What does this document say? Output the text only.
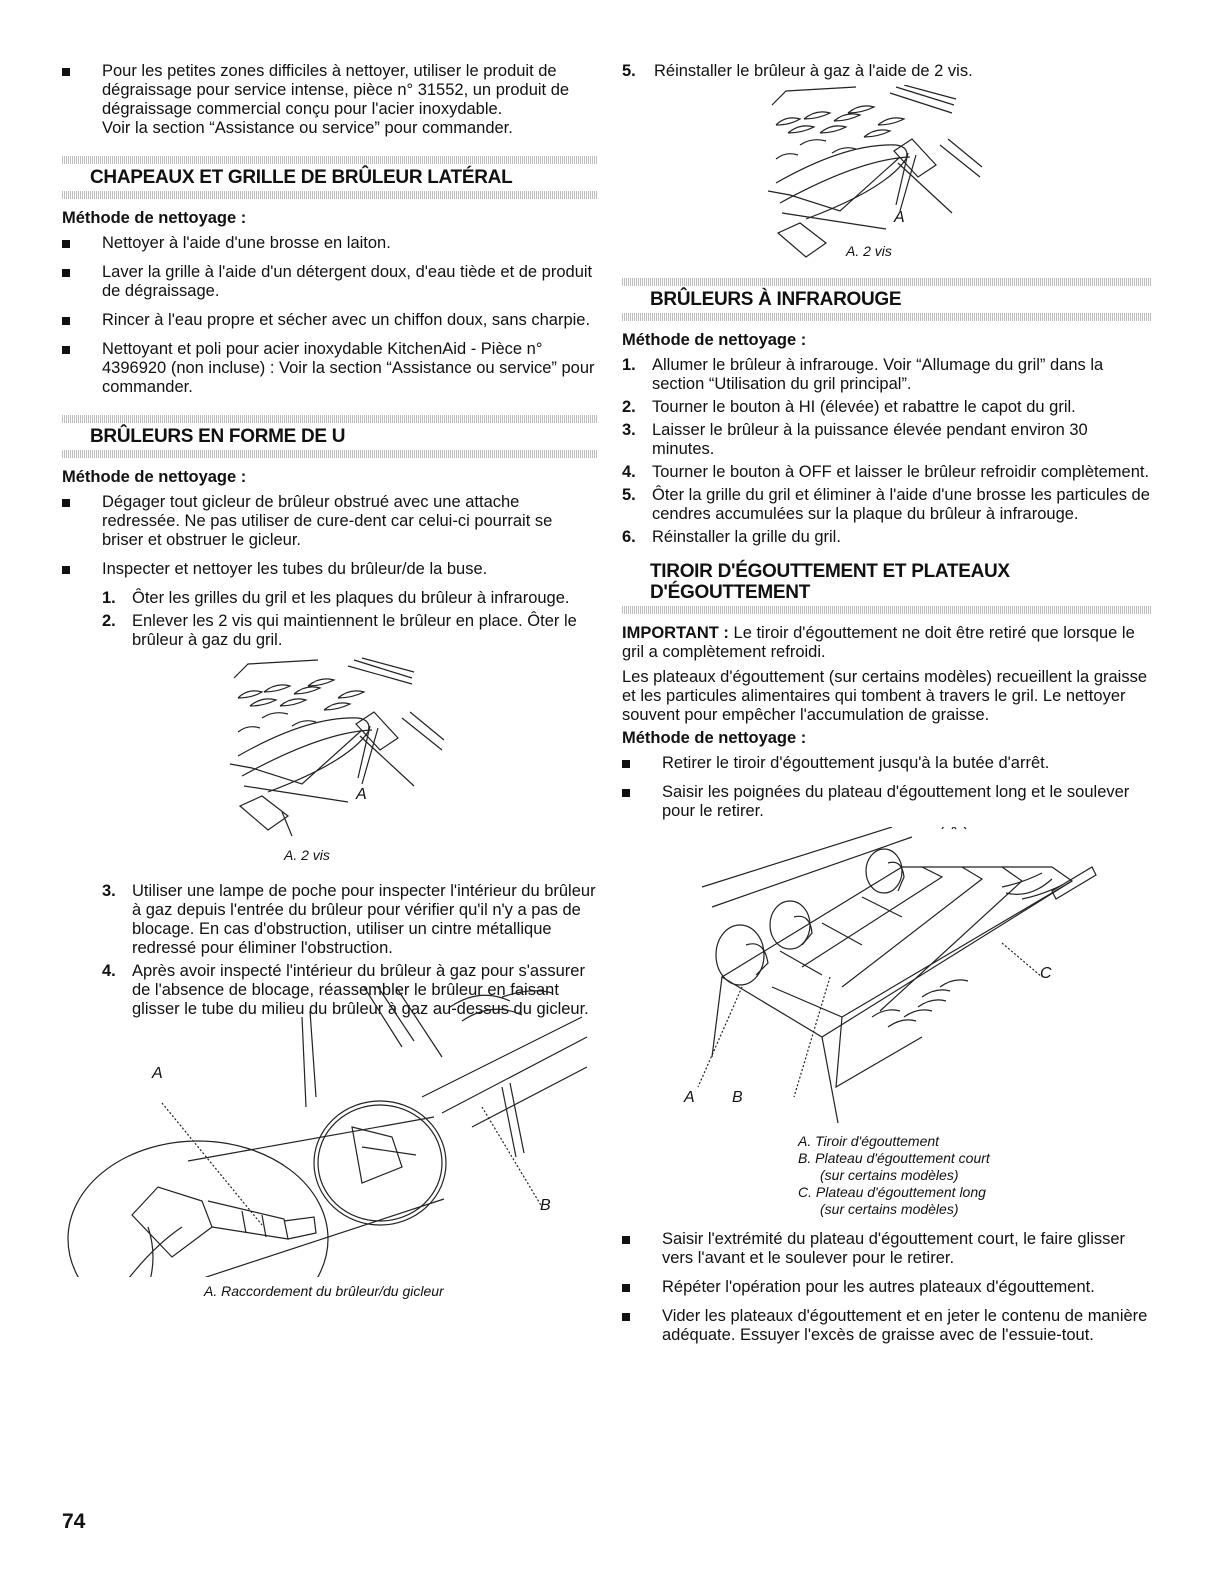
Pour les petites zones difficiles à nettoyer, utiliser le produit de dégraissage pour service intense, pièce n° 31552, un produit de dégraissage commercial conçu pour l'acier inoxydable.

Voir la section “Assistance ou service” pour commander.

CHAPEAUX ET GRILLE DE BRÛLEUR LATÉRAL

Méthode de nettoyage :

Nettoyer à l'aide d'une brosse en laiton.
Laver la grille à l'aide d'un détergent doux, d'eau tiède et de produit de dégraissage.
Rincer à l'eau propre et sécher avec un chiffon doux, sans charpie.
Nettoyant et poli pour acier inoxydable KitchenAid - Pièce n° 4396920 (non incluse) : Voir la section “Assistance ou service” pour commander.
BRÛLEURS EN FORME DE U

Méthode de nettoyage :

Dégager tout gicleur de brûleur obstrué avec une attache redressée. Ne pas utiliser de cure-dent car celui-ci pourrait se briser et obstruer le gicleur.
Inspecter et nettoyer les tubes du brûleur/de la buse.
1. Ôter les grilles du gril et les plaques du brûleur à infrarouge.
2. Enlever les 2 vis qui maintiennent le brûleur en place. Ôter le brûleur à gaz du gril.
A

A. 2 vis

3. Utiliser une lampe de poche pour inspecter l'intérieur du brûleur à gaz depuis l'entrée du brûleur pour vérifier qu'il n'y a pas de blocage. En cas d'obstruction, utiliser un cintre métallique redressé pour éliminer l'obstruction.
4. Après avoir inspecté l'intérieur du brûleur à gaz pour s'assurer de l'absence de blocage, réassembler le brûleur en faisant glisser le tube du milieu du brûleur à gaz au-dessus du gicleur.
A
B

A. Raccordement du brûleur/du gicleur

5. Réinstaller le brûleur à gaz à l'aide de 2 vis.
A

A. 2 vis

BRÛLEURS À INFRAROUGE

Méthode de nettoyage :

1. Allumer le brûleur à infrarouge. Voir “Allumage du gril” dans la section “Utilisation du gril principal”.
2. Tourner le bouton à HI (élevée) et rabattre le capot du gril.
3. Laisser le brûleur à la puissance élevée pendant environ 30 minutes.
4. Tourner le bouton à OFF et laisser le brûleur refroidir complètement.
5. Ôter la grille du gril et éliminer à l'aide d'une brosse les particules de cendres accumulées sur la plaque du brûleur à infrarouge.
6. Réinstaller la grille du gril.
TIROIR D'ÉGOUTTEMENT ET PLATEAUX
D'ÉGOUTTEMENT

IMPORTANT : Le tiroir d'égouttement ne doit être retiré que lorsque le gril a complètement refroidi.

Les plateaux d'égouttement (sur certains modèles) recueillent la graisse et les particules alimentaires qui tombent à travers le gril. Le nettoyer souvent pour empêcher l'accumulation de graisse.

Méthode de nettoyage :

Retirer le tiroir d'égouttement jusqu'à la butée d'arrêt.
Saisir les poignées du plateau d'égouttement long et le soulever pour le retirer.
A B
C

A. Tiroir d'égouttement

B. Plateau d'égouttement court

(sur certains modèles)

C. Plateau d'égouttement long

(sur certains modèles)

Saisir l'extrémité du plateau d'égouttement court, le faire glisser vers l'avant et le soulever pour le retirer.
Répéter l'opération pour les autres plateaux d'égouttement.
Vider les plateaux d'égouttement et en jeter le contenu de manière adéquate. Essuyer l'excès de graisse avec de l'essuie-tout.
74
